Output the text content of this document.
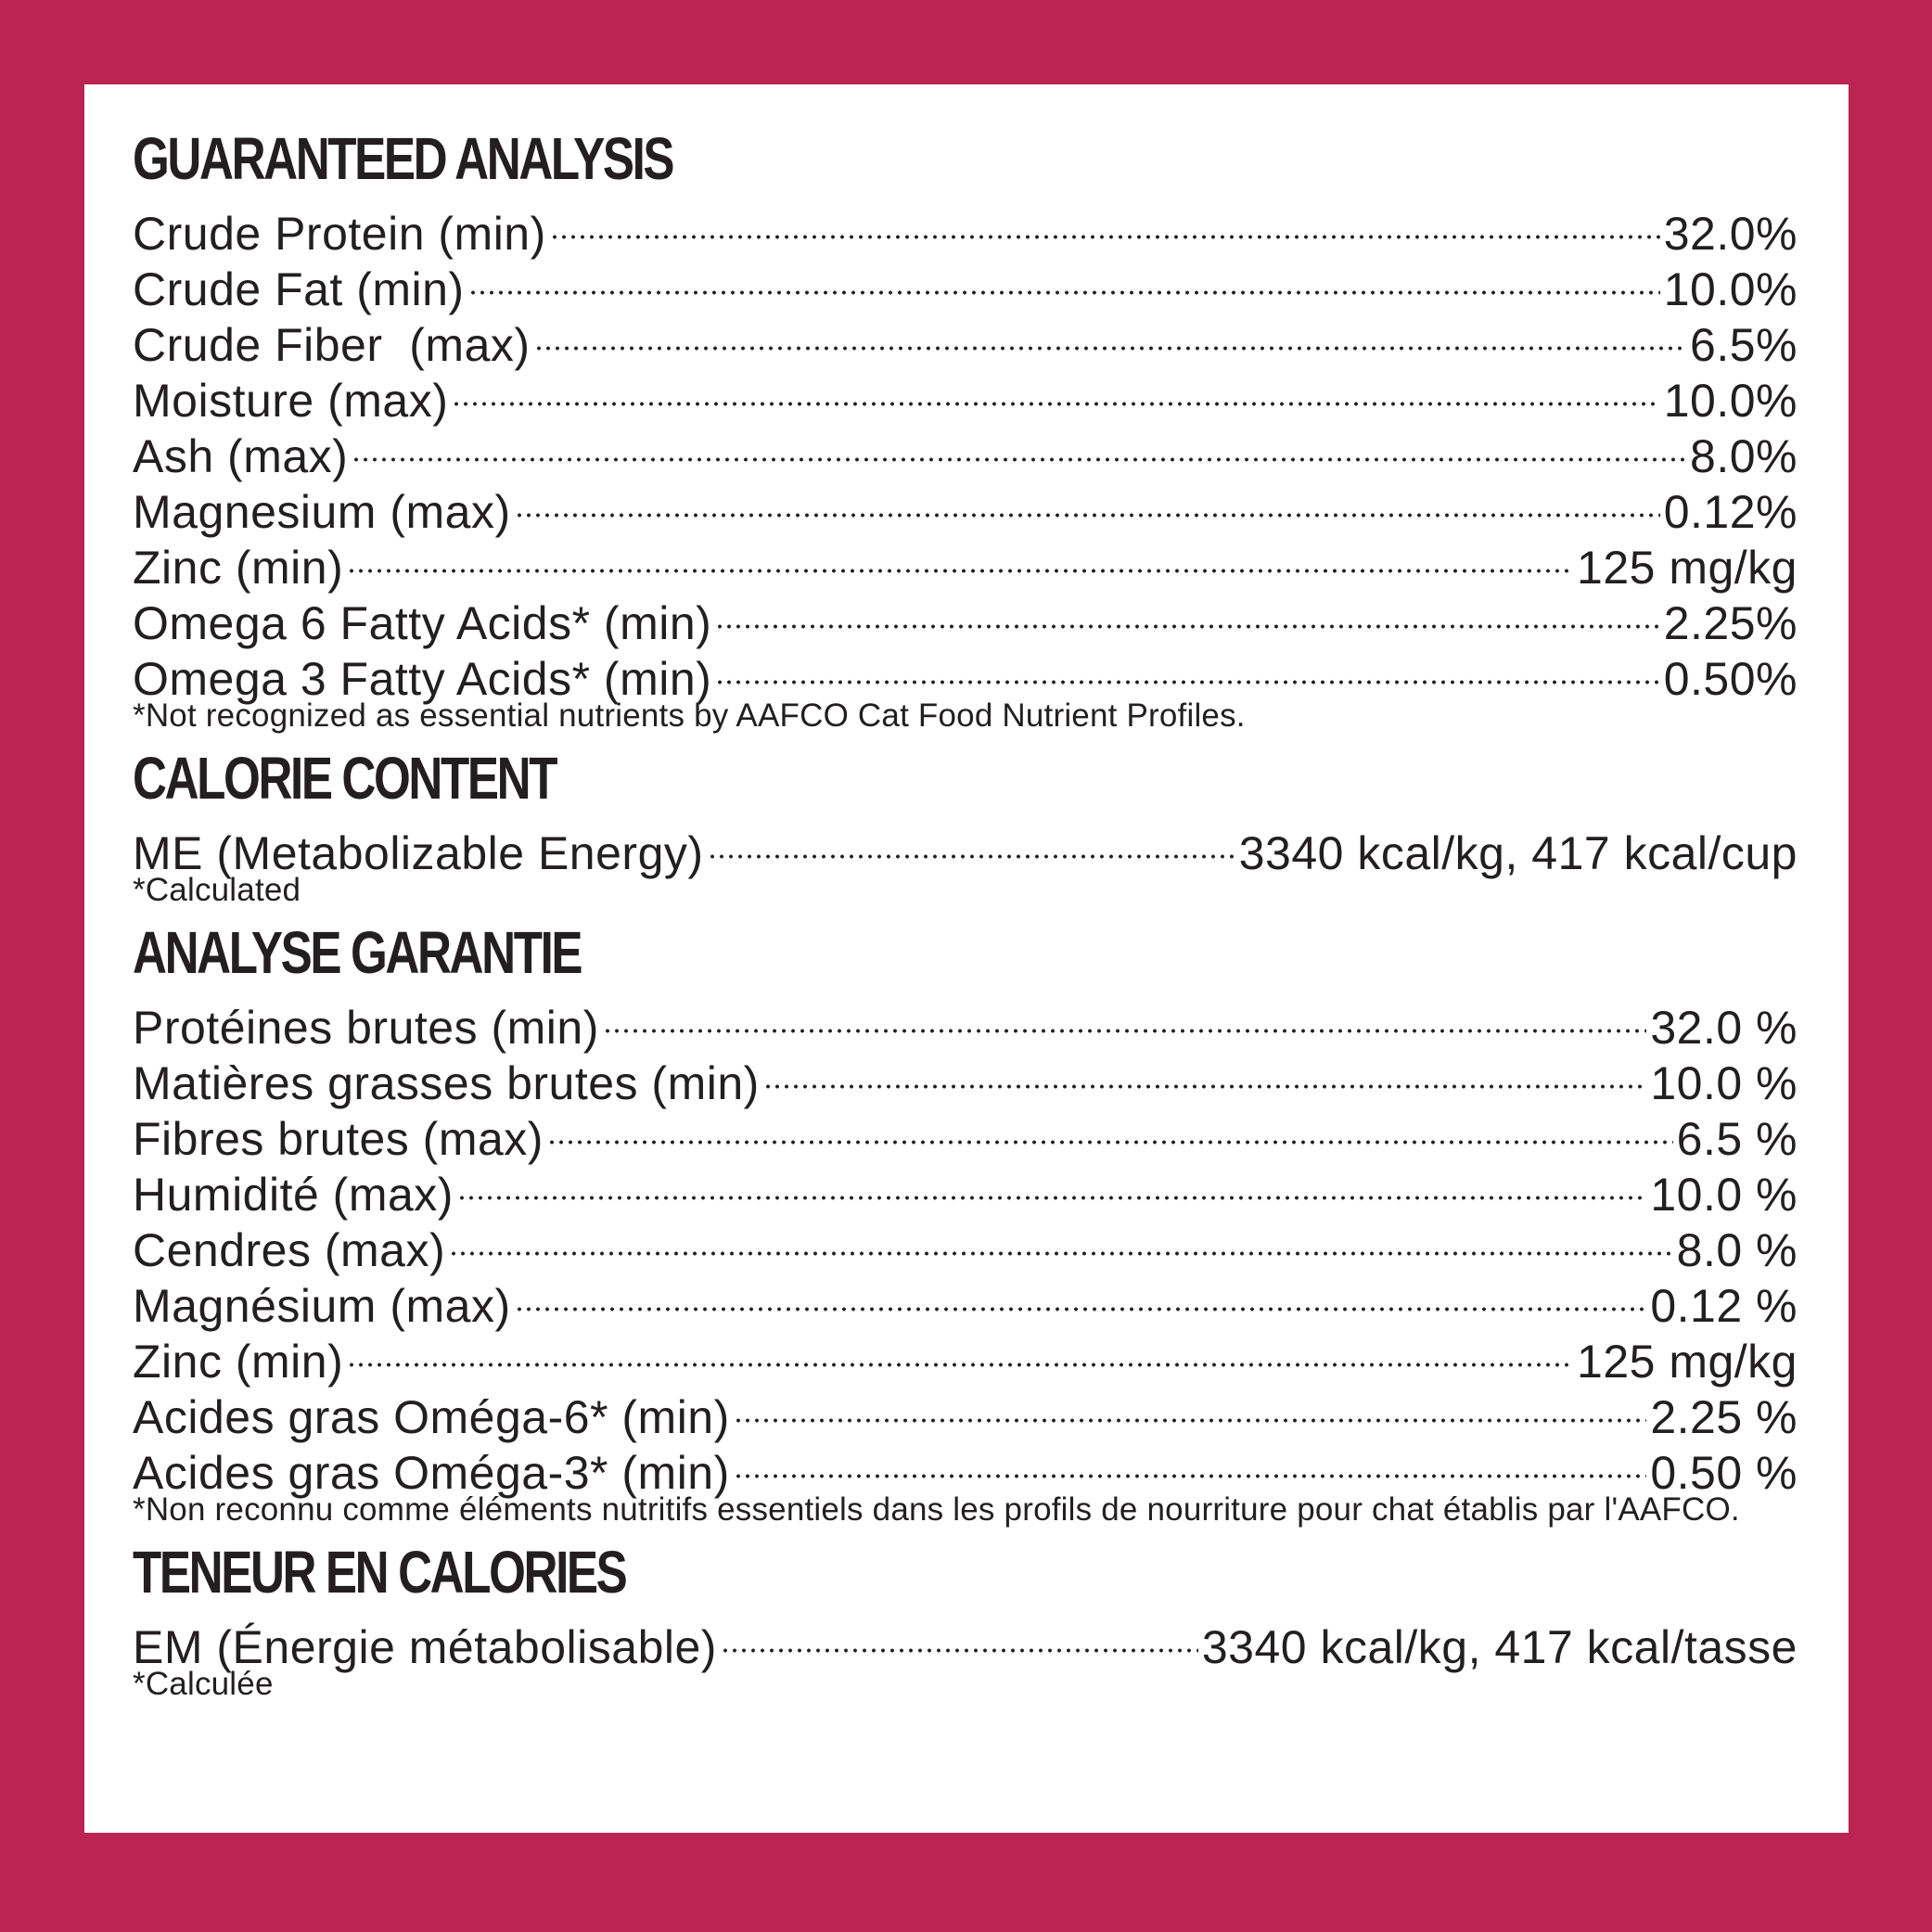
GUARANTEED ANALYSIS
Crude Protein (min)	32.0%
Crude Fat (min)	10.0%
Crude Fiber  (max)	6.5%
Moisture (max)	10.0%
Ash (max)	8.0%
Magnesium (max)	0.12%
Zinc (min)	125 mg/kg
Omega 6 Fatty Acids* (min)	2.25%
Omega 3 Fatty Acids* (min)	0.50%

*Not recognized as essential nutrients by AAFCO Cat Food Nutrient Profiles.

CALORIE CONTENT
ME (Metabolizable Energy)	3340 kcal/kg, 417 kcal/cup

*Calculated

ANALYSE GARANTIE
Protéines brutes (min)	32.0 %
Matières grasses brutes (min)	10.0 %
Fibres brutes (max)	6.5 %
Humidité (max)	10.0 %
Cendres (max)	8.0 %
Magnésium (max)	0.12 %
Zinc (min)	125 mg/kg
Acides gras Oméga-6* (min)	2.25 %
Acides gras Oméga-3* (min)	0.50 %

*Non reconnu comme éléments nutritifs essentiels dans les profils de nourriture pour chat établis par l'AAFCO.

TENEUR EN CALORIES
EM (Énergie métabolisable)	3340 kcal/kg, 417 kcal/tasse

*Calculée
